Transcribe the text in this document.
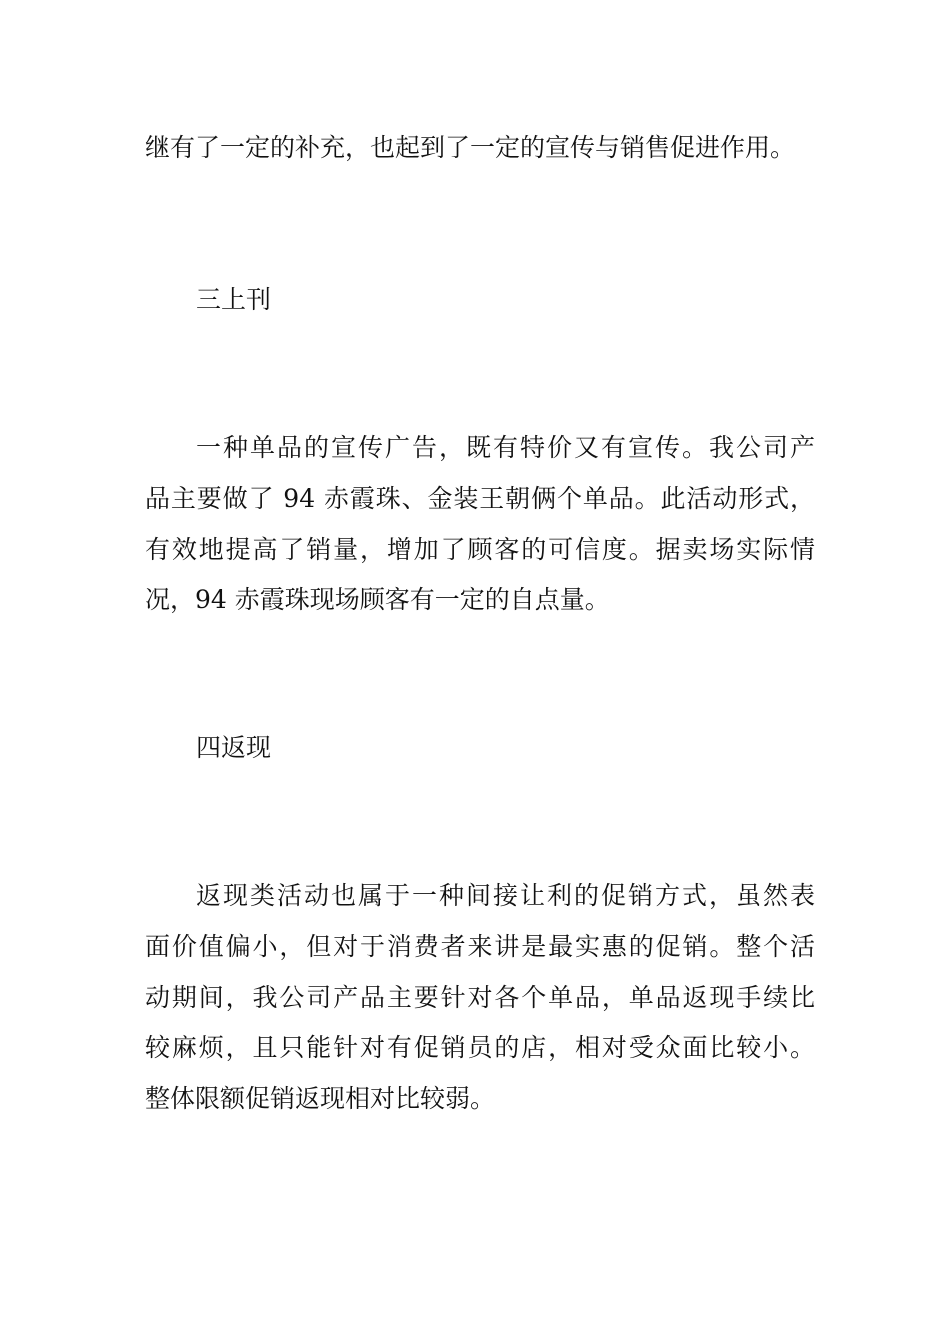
继有了一定的补充，也起到了一定的宣传与销售促进作用。
三上刊
一种单品的宣传广告，既有特价又有宣传。我公司产
品主要做了 94 赤霞珠、金装王朝俩个单品。此活动形式，
有效地提高了销量，增加了顾客的可信度。据卖场实际情
况，94 赤霞珠现场顾客有一定的自点量。
四返现
返现类活动也属于一种间接让利的促销方式，虽然表
面价值偏小，但对于消费者来讲是最实惠的促销。整个活
动期间，我公司产品主要针对各个单品，单品返现手续比
较麻烦，且只能针对有促销员的店，相对受众面比较小。
整体限额促销返现相对比较弱。
